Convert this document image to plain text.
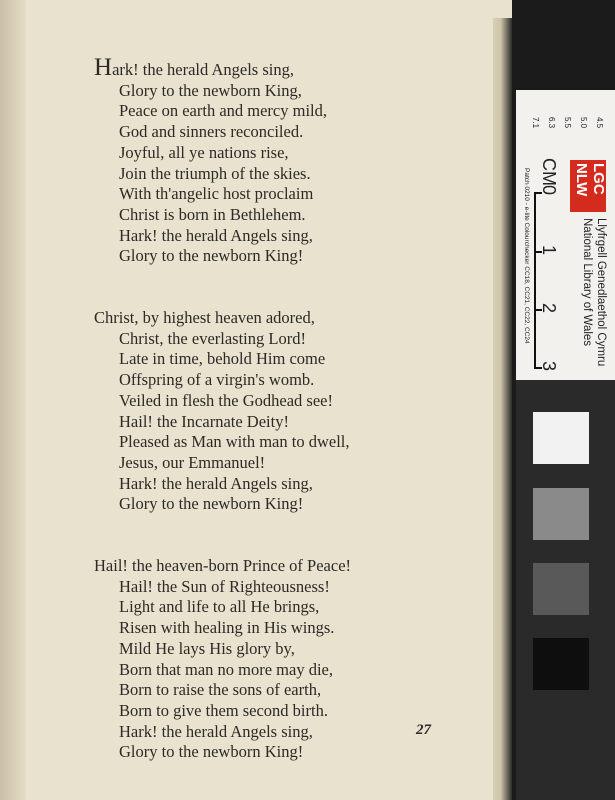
Hark! the herald Angels sing,
Glory to the newborn King,
Peace on earth and mercy mild,
God and sinners reconciled.
Joyful, all ye nations rise,
Join the triumph of the skies.
With th'angelic host proclaim
Christ is born in Bethlehem.
Hark! the herald Angels sing,
Glory to the newborn King!
Christ, by highest heaven adored,
Christ, the everlasting Lord!
Late in time, behold Him come
Offspring of a virgin's womb.
Veiled in flesh the Godhead see!
Hail! the Incarnate Deity!
Pleased as Man with man to dwell,
Jesus, our Emmanuel!
Hark! the herald Angels sing,
Glory to the newborn King!
Hail! the heaven-born Prince of Peace!
Hail! the Sun of Righteousness!
Light and life to all He brings,
Risen with healing in His wings.
Mild He lays His glory by,
Born that man no more may die,
Born to raise the sons of earth,
Born to give them second birth.
Hark! the herald Angels sing,
Glory to the newborn King!
27
LGC
NLW
Llyfrgell Genedlaethol Cymru
National Library of Wales
CM
0
1
2
3
Patch 0210 - e-lite Colourchecker CC18, CC21, CC22, CC24
4.5
5.0
5.5
6.3
7.1
